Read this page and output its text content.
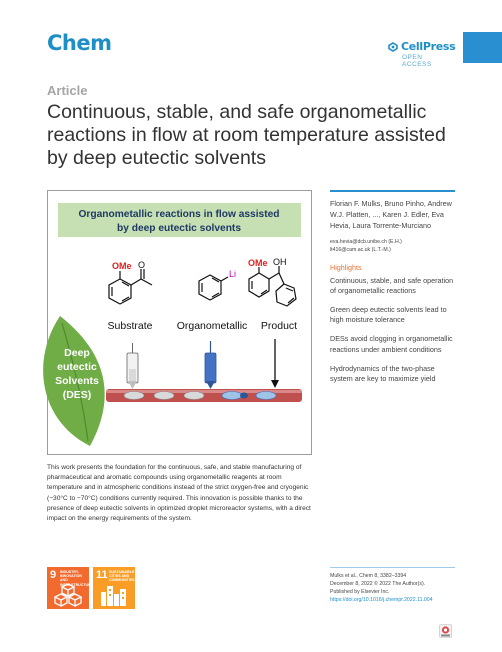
Chem	CellPress
OPEN ACCESS
Article
Continuous, stable, and safe organometallic reactions in flow at room temperature assisted by deep eutectic solvents
Organometallic reactions in flow assisted
by deep eutectic solvents
OMe O
Li
OMe OH
Substrate Organometallic Product
Deep
eutectic
Solvents
(DES)

This work presents the foundation for the continuous, safe, and stable manufacturing of pharmaceutical and aromatic compounds using organometallic reagents at room temperature and in atmospheric conditions instead of the strict oxygen-free and cryogenic (−30°C to −70°C) conditions currently required. This innovation is possible thanks to the presence of deep eutectic solvents in optimized droplet microreactor systems, with a direct impact on the energy requirements of the system.

9 INDUSTRY, INNOVATION AND INFRASTRUCTURE
11 SUSTAINABLE CITIES AND COMMUNITIES

Florian F. Mulks, Bruno Pinho, Andrew W.J. Platten, ..., Karen J. Edler, Eva Hevia, Laura Torrente-Murciano

eva.hevia@dcb.unibe.ch (E.H.)
lt416@cam.ac.uk (L.T.-M.)
Highlights

Continuous, stable, and safe operation of organometallic reactions

Green deep eutectic solvents lead to high moisture tolerance

DESs avoid clogging in organometallic reactions under ambient conditions

Hydrodynamics of the two-phase system are key to maximize yield

Mulks et al., Chem 8, 3382–3394
December 8, 2022 © 2022 The Author(s).
Published by Elsevier Inc.
https://doi.org/10.1016/j.chempr.2022.11.004
